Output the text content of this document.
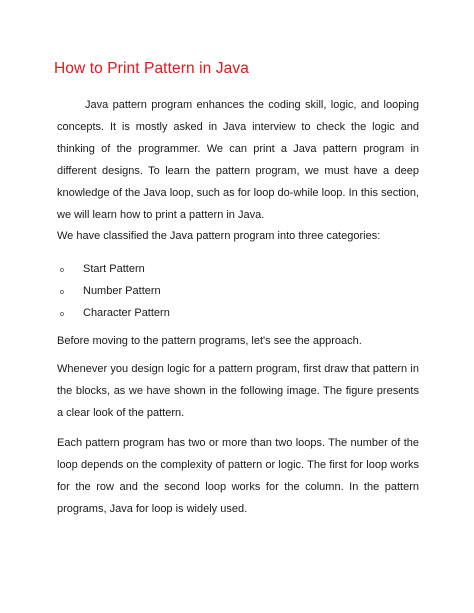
How to Print Pattern in Java

Java pattern program enhances the coding skill, logic, and looping concepts. It is mostly asked in Java interview to check the logic and thinking of the programmer. We can print a Java pattern program in different designs. To learn the pattern program, we must have a deep knowledge of the Java loop, such as for loop do-while loop. In this section, we will learn how to print a pattern in Java.

We have classified the Java pattern program into three categories:

o	Start Pattern
o	Number Pattern
o	Character Pattern

Before moving to the pattern programs, let's see the approach.

Whenever you design logic for a pattern program, first draw that pattern in the blocks, as we have shown in the following image. The figure presents a clear look of the pattern.

Each pattern program has two or more than two loops. The number of the loop depends on the complexity of pattern or logic. The first for loop works for the row and the second loop works for the column. In the pattern programs, Java for loop is widely used.
